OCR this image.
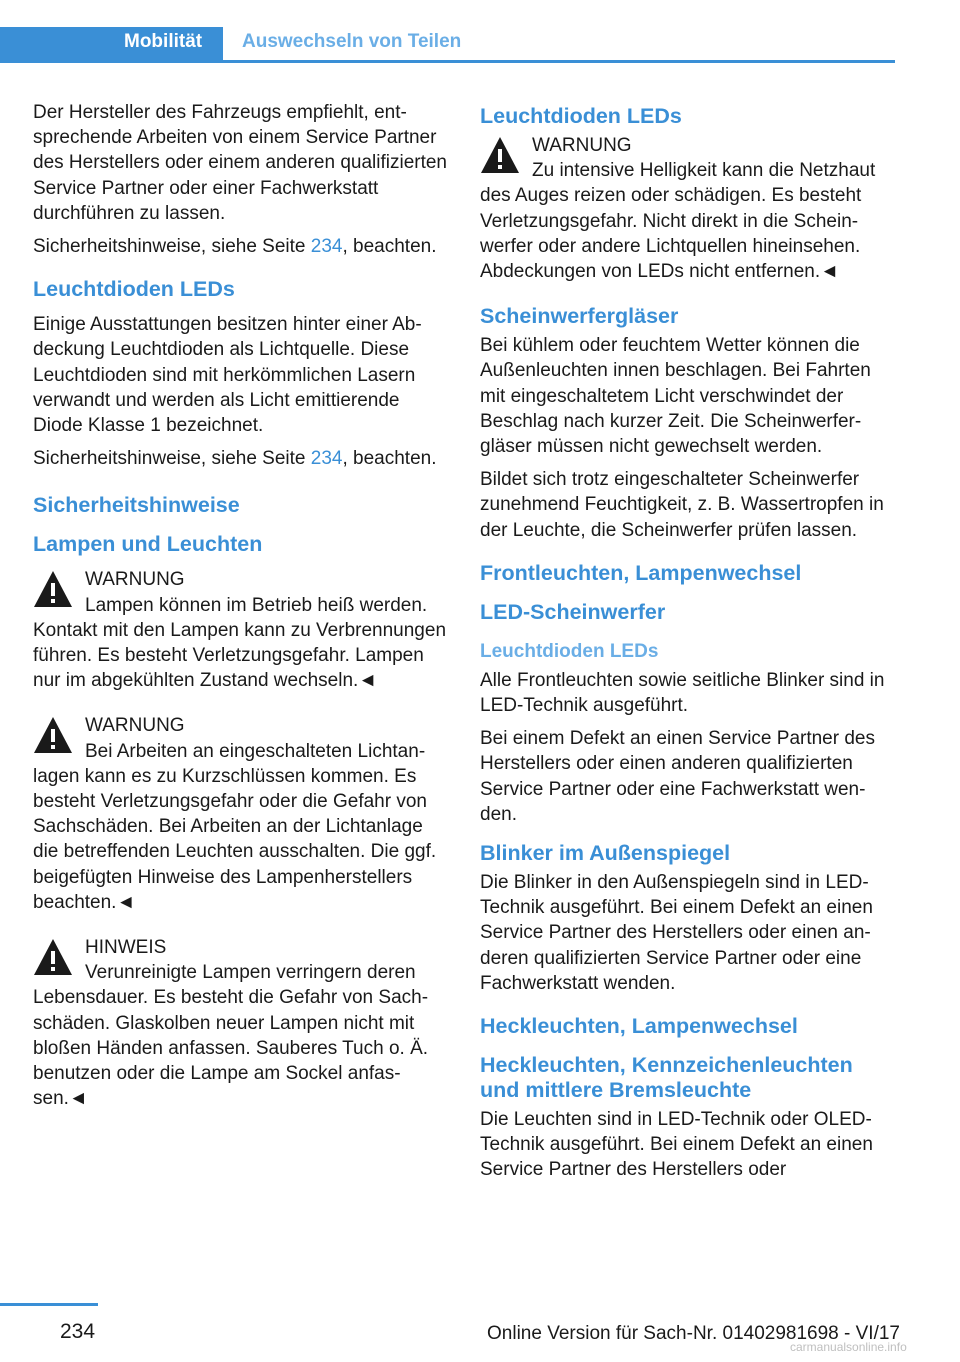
Mobilität Auswechseln von Teilen

Der Hersteller des Fahrzeugs empfiehlt, entsprechende Arbeiten von einem Service Partner des Herstellers oder einem anderen qualifizierten Service Partner oder einer Fachwerkstatt durchführen zu lassen.

Sicherheitshinweise, siehe Seite 234, beachten.

Leuchtdioden LEDs

Einige Ausstattungen besitzen hinter einer Abdeckung Leuchtdioden als Lichtquelle. Diese Leuchtdioden sind mit herkömmlichen Lasern verwandt und werden als Licht emittierende Diode Klasse 1 bezeichnet.

Sicherheitshinweise, siehe Seite 234, beachten.

Sicherheitshinweise
Lampen und Leuchten
WARNUNG
Lampen können im Betrieb heiß werden. Kontakt mit den Lampen kann zu Verbrennungen führen. Es besteht Verletzungsgefahr. Lampen nur im abgekühlten Zustand wechseln.◄
WARNUNG
Bei Arbeiten an eingeschalteten Lichtanlagen kann es zu Kurzschlüssen kommen. Es besteht Verletzungsgefahr oder die Gefahr von Sachschäden. Bei Arbeiten an der Lichtanlage die betreffenden Leuchten ausschalten. Die ggf. beigefügten Hinweise des Lampenherstellers beachten.◄
HINWEIS
Verunreinigte Lampen verringern deren Lebensdauer. Es besteht die Gefahr von Sachschäden. Glaskolben neuer Lampen nicht mit bloßen Händen anfassen. Sauberes Tuch o. Ä. benutzen oder die Lampe am Sockel anfassen.◄
Leuchtdioden LEDs
WARNUNG
Zu intensive Helligkeit kann die Netzhaut des Auges reizen oder schädigen. Es besteht Verletzungsgefahr. Nicht direkt in die Scheinwerfer oder andere Lichtquellen hineinsehen. Abdeckungen von LEDs nicht entfernen.◄
Scheinwerfergläser

Bei kühlem oder feuchtem Wetter können die Außenleuchten innen beschlagen. Bei Fahrten mit eingeschaltetem Licht verschwindet der Beschlag nach kurzer Zeit. Die Scheinwerfergläser müssen nicht gewechselt werden.

Bildet sich trotz eingeschalteter Scheinwerfer zunehmend Feuchtigkeit, z. B. Wassertropfen in der Leuchte, die Scheinwerfer prüfen lassen.

Frontleuchten, Lampenwechsel
LED-Scheinwerfer
Leuchtdioden LEDs

Alle Frontleuchten sowie seitliche Blinker sind in LED-Technik ausgeführt.

Bei einem Defekt an einen Service Partner des Herstellers oder einen anderen qualifizierten Service Partner oder eine Fachwerkstatt wenden.

Blinker im Außenspiegel

Die Blinker in den Außenspiegeln sind in LED-Technik ausgeführt. Bei einem Defekt an einen Service Partner des Herstellers oder einen anderen qualifizierten Service Partner oder eine Fachwerkstatt wenden.

Heckleuchten, Lampenwechsel
Heckleuchten, Kennzeichenleuchten und mittlere Bremsleuchte

Die Leuchten sind in LED-Technik oder OLED-Technik ausgeführt. Bei einem Defekt an einen Service Partner des Herstellers oder

234	Online Version für Sach-Nr. 01402981698 - VI/17
carmanualsonline.info
